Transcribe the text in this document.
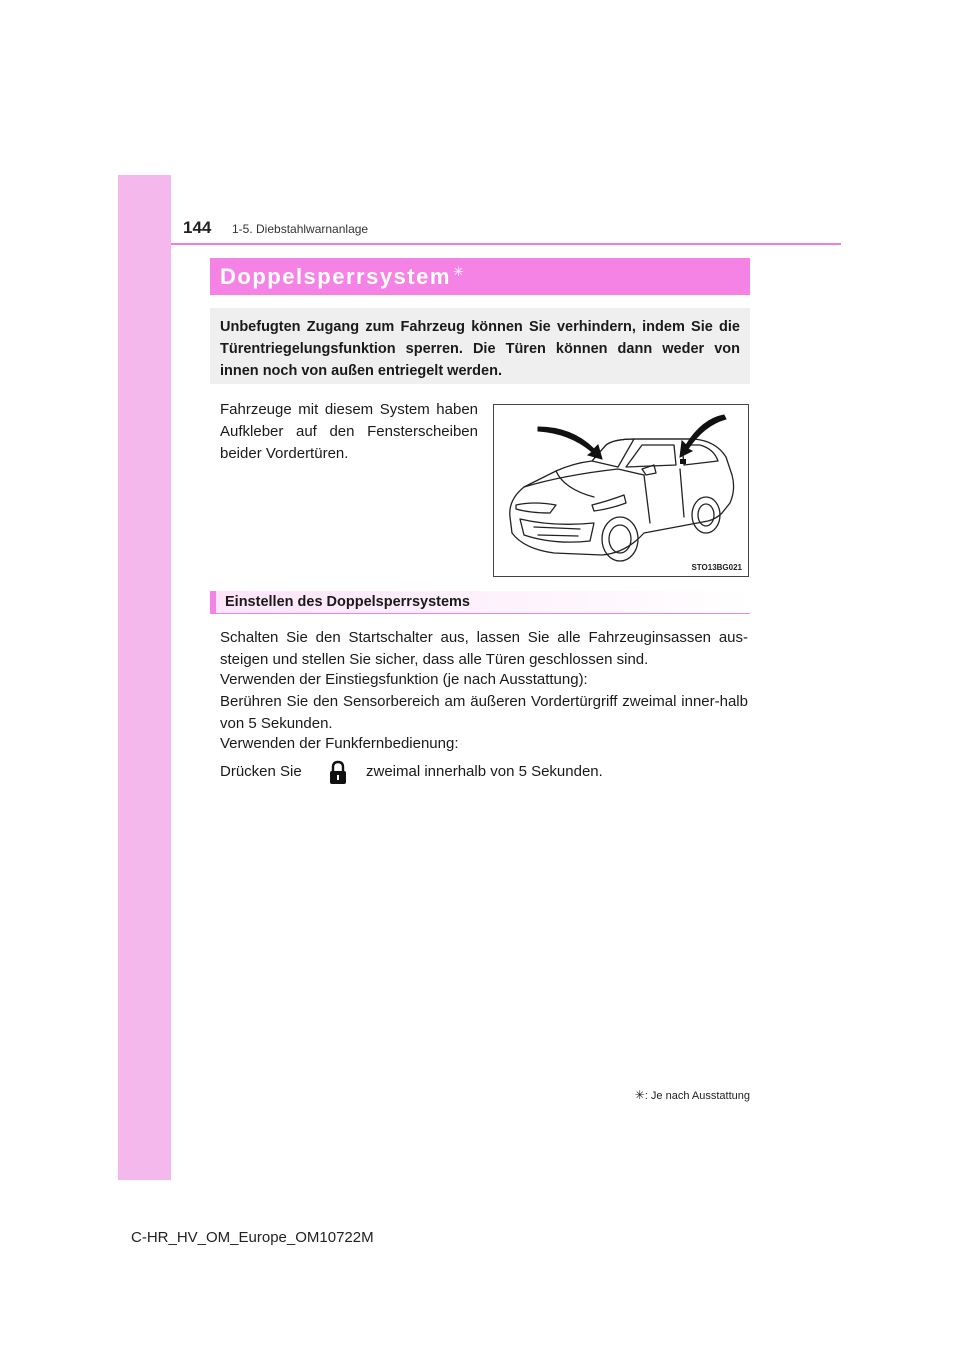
144 1-5. Diebstahlwarnanlage
Doppelsperrsystem ✳
Unbefugten Zugang zum Fahrzeug können Sie verhindern, indem Sie die Türentriegelungsfunktion sperren. Die Türen können dann weder von innen noch von außen entriegelt werden.
Fahrzeuge mit diesem System haben Aufkleber auf den Fensterscheiben beider Vordertüren.
STO13BG021
Einstellen des Doppelsperrsystems
Schalten Sie den Startschalter aus, lassen Sie alle Fahrzeuginsassen aus-steigen und stellen Sie sicher, dass alle Türen geschlossen sind.
Verwenden der Einstiegsfunktion (je nach Ausstattung):
Berühren Sie den Sensorbereich am äußeren Vordertürgriff zweimal inner-halb von 5 Sekunden.
Verwenden der Funkfernbedienung:
Drücken Sie	zweimal innerhalb von 5 Sekunden.
✳: Je nach Ausstattung
C-HR_HV_OM_Europe_OM10722M
